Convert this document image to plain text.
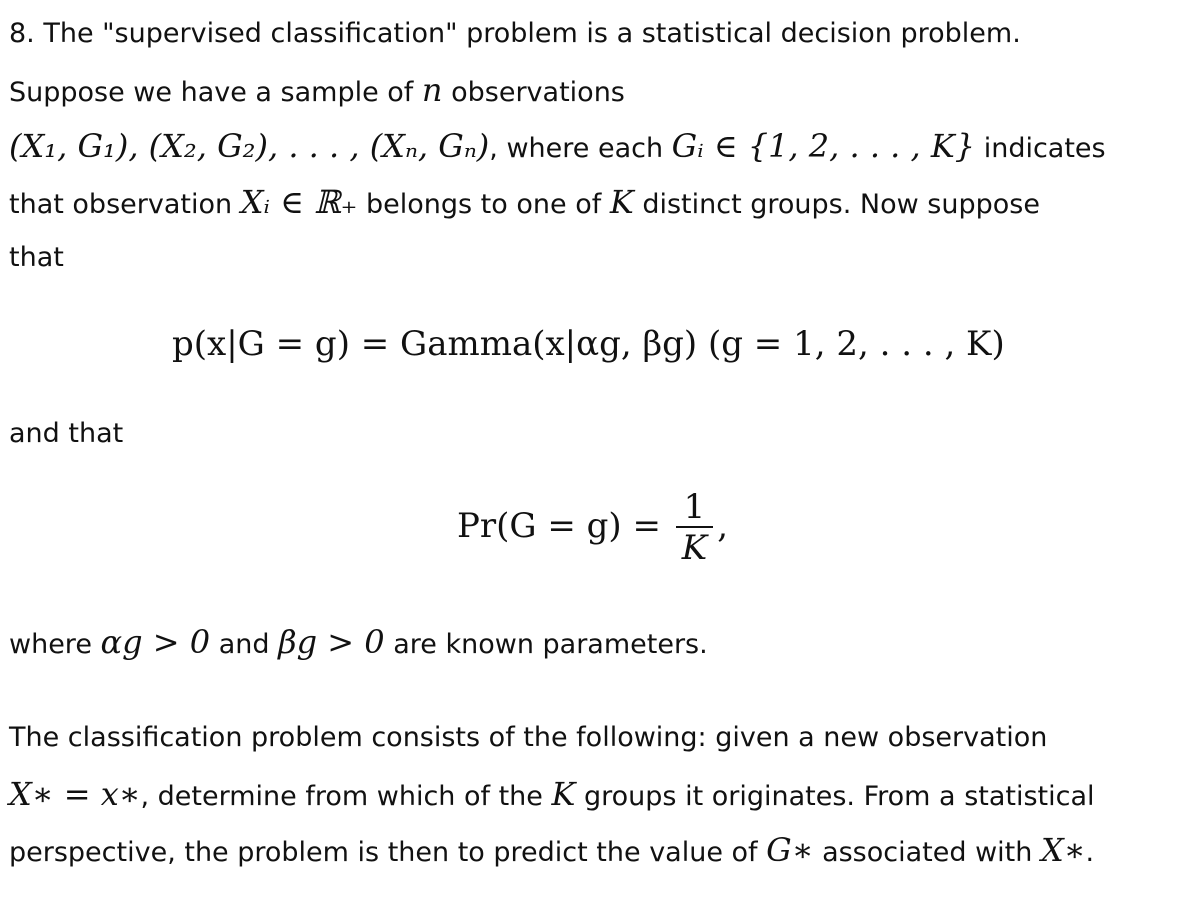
8. The "supervised classification" problem is a statistical decision problem.
Suppose we have a sample of n observations
(X₁, G₁), (X₂, G₂), . . . , (Xₙ, Gₙ), where each Gᵢ ∈ {1, 2, . . . , K} indicates
that observation Xᵢ ∈ ℝ₊ belongs to one of K distinct groups. Now suppose
that
p(x|G = g) = Gamma(x|αg, βg) (g = 1, 2, . . . , K)
and that
$Pr(G = g) = \frac{1}{K}$ ,
where αg > 0 and βg > 0 are known parameters.
The classification problem consists of the following: given a new observation
X∗ = x∗, determine from which of the K groups it originates. From a statistical
perspective, the problem is then to predict the value of G∗ associated with X∗.
